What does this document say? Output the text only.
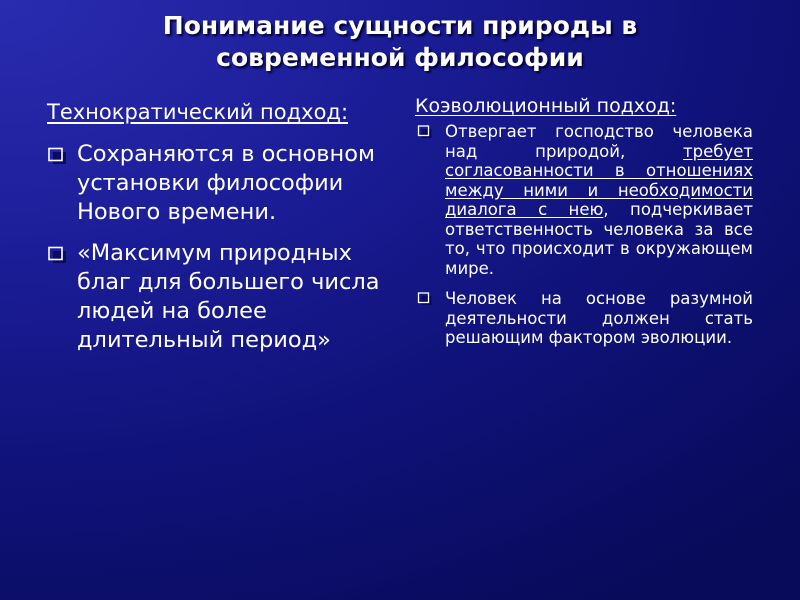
Понимание сущности природы в
современной философии
Технократический подход:
Сохраняются в основном установки философии Нового времени.
«Максимум природных благ для большего числа людей на более длительный период»
Коэволюционный подход:
Отвергает господство человека над природой, требует согласованности в отношениях между ними и необходимости диалога с нею, подчеркивает ответственность человека за все то, что происходит в окружающем мире.
Человек на основе разумной деятельности должен стать решающим фактором эволюции.
